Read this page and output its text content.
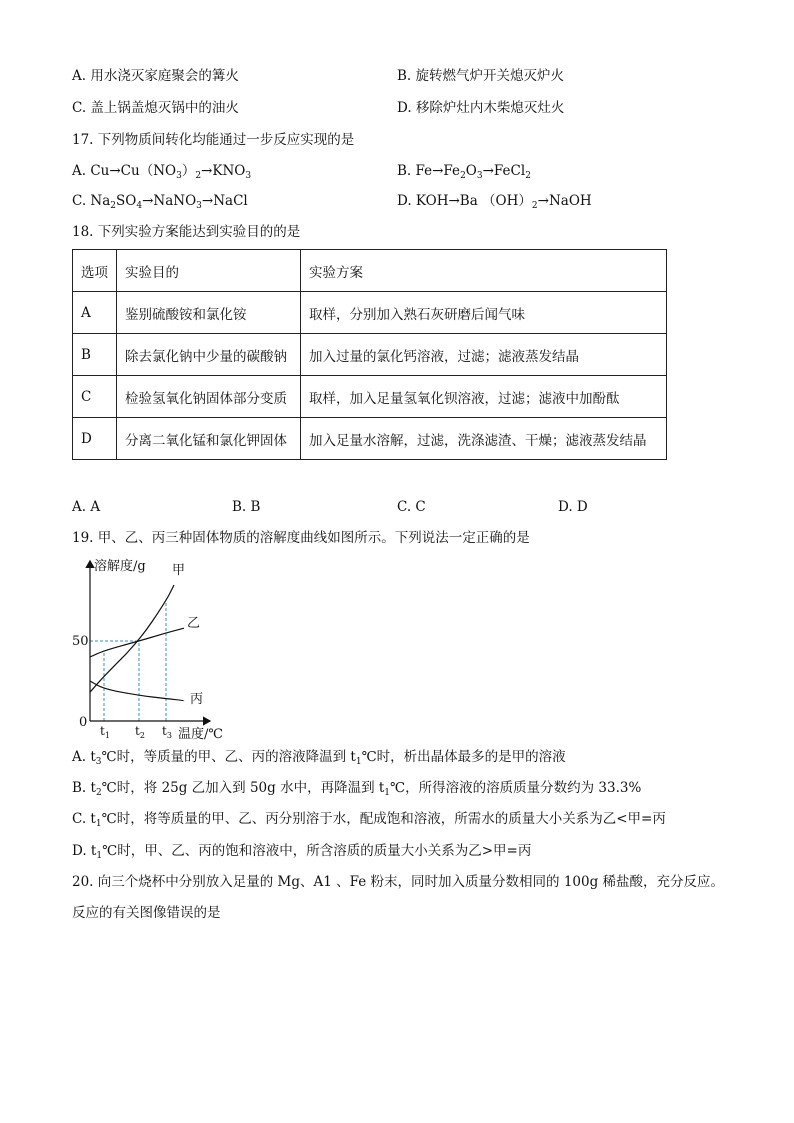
A. 用水浇灭家庭聚会的篝火	B. 旋转燃气炉开关熄灭炉火
C. 盖上锅盖熄灭锅中的油火	D. 移除炉灶内木柴熄灭灶火
17. 下列物质间转化均能通过一步反应实现的是
A. $Cu\to Cu(NO_3)_2\to KNO_3$	B. $Fe\to Fe_2O_3\to FeCl_2$
C. $Na_2SO_4\to NaNO_3\to NaCl$	D. KOH→Ba $(OH)_2\to NaOH$
18. 下列实验方案能达到实验目的的是
选项	实验目的	实验方案
A	鉴别硫酸铵和氯化铵	取样，分别加入熟石灰研磨后闻气味
B	除去氯化钠中少量的碳酸钠	加入过量的氯化钙溶液，过滤；滤液蒸发结晶
C	检验氢氧化钠固体部分变质	取样，加入足量氢氧化钡溶液，过滤；滤液中加酚酞
D	分离二氧化锰和氯化钾固体	加入足量水溶解，过滤，洗涤滤渣、干燥；滤液蒸发结晶
A. A	B. B	C. C	D. D
19. 甲、乙、丙三种固体物质的溶解度曲线如图所示。下列说法一定正确的是
溶解度/g
温度/℃
0
50
$t_1$ $t_2$ $t_3$
甲
乙
丙
A. $t_3℃$时，等质量的甲、乙、丙的溶液降温到 $t_1℃$时，析出晶体最多的是甲的溶液
B. $t_2℃$时，将 25g 乙加入到 50g 水中，再降温到 $t_1℃$，所得溶液的溶质质量分数约为 33.3%
C. $t_1℃$时，将等质量的甲、乙、丙分别溶于水，配成饱和溶液，所需水的质量大小关系为乙<甲=丙
D. $t_1℃$时，甲、乙、丙的饱和溶液中，所含溶质的质量大小关系为乙>甲=丙
20. 向三个烧杯中分别放入足量的 Mg、A1 、Fe 粉末，同时加入质量分数相同的 100g 稀盐酸，充分反应。
反应的有关图像错误的是
